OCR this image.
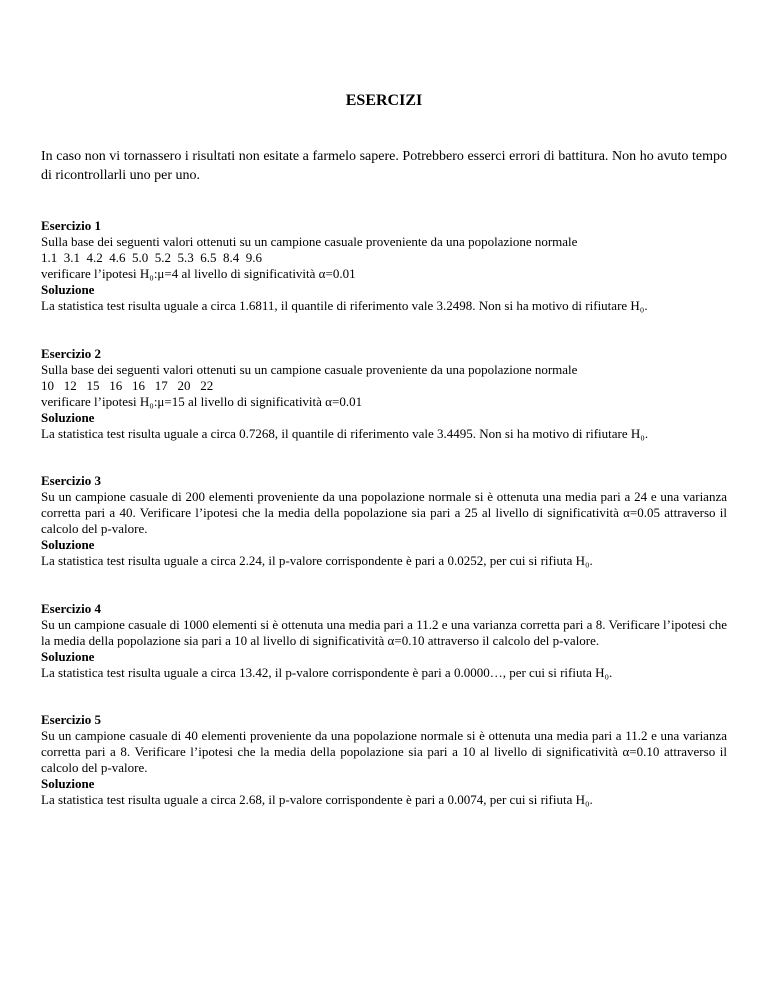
ESERCIZI
In caso non vi tornassero i risultati non esitate a farmelo sapere. Potrebbero esserci errori di battitura. Non ho avuto tempo di ricontrollarli uno per uno.

Esercizio 1

Sulla base dei seguenti valori ottenuti su un campione casuale proveniente da una popolazione normale

1.1  3.1  4.2  4.6  5.0  5.2  5.3  6.5  8.4  9.6

verificare l’ipotesi H₀:μ=4 al livello di significatività α=0.01

Soluzione

La statistica test risulta uguale a circa 1.6811, il quantile di riferimento vale 3.2498. Non si ha motivo di rifiutare H₀.

Esercizio 2

Sulla base dei seguenti valori ottenuti su un campione casuale proveniente da una popolazione normale

10   12   15   16   16   17   20   22

verificare l’ipotesi H₀:μ=15 al livello di significatività α=0.01

Soluzione

La statistica test risulta uguale a circa 0.7268, il quantile di riferimento vale 3.4495. Non si ha motivo di rifiutare H₀.

Esercizio 3

Su un campione casuale di 200 elementi proveniente da una popolazione normale si è ottenuta una media pari a 24 e una varianza corretta pari a 40. Verificare l’ipotesi che la media della popolazione sia pari a 25 al livello di significatività α=0.05 attraverso il calcolo del p-valore.

Soluzione

La statistica test risulta uguale a circa 2.24, il p-valore corrispondente è pari a 0.0252, per cui si rifiuta H₀.

Esercizio 4

Su un campione casuale di 1000 elementi si è ottenuta una media pari a 11.2 e una varianza corretta pari a 8. Verificare l’ipotesi che la media della popolazione sia pari a 10 al livello di significatività α=0.10 attraverso il calcolo del p-valore.

Soluzione

La statistica test risulta uguale a circa 13.42, il p-valore corrispondente è pari a 0.0000…, per cui si rifiuta H₀.

Esercizio 5

Su un campione casuale di 40 elementi proveniente da una popolazione normale si è ottenuta una media pari a 11.2 e una varianza corretta pari a 8. Verificare l’ipotesi che la media della popolazione sia pari a 10 al livello di significatività α=0.10 attraverso il calcolo del p-valore.

Soluzione

La statistica test risulta uguale a circa 2.68, il p-valore corrispondente è pari a 0.0074, per cui si rifiuta H₀.
